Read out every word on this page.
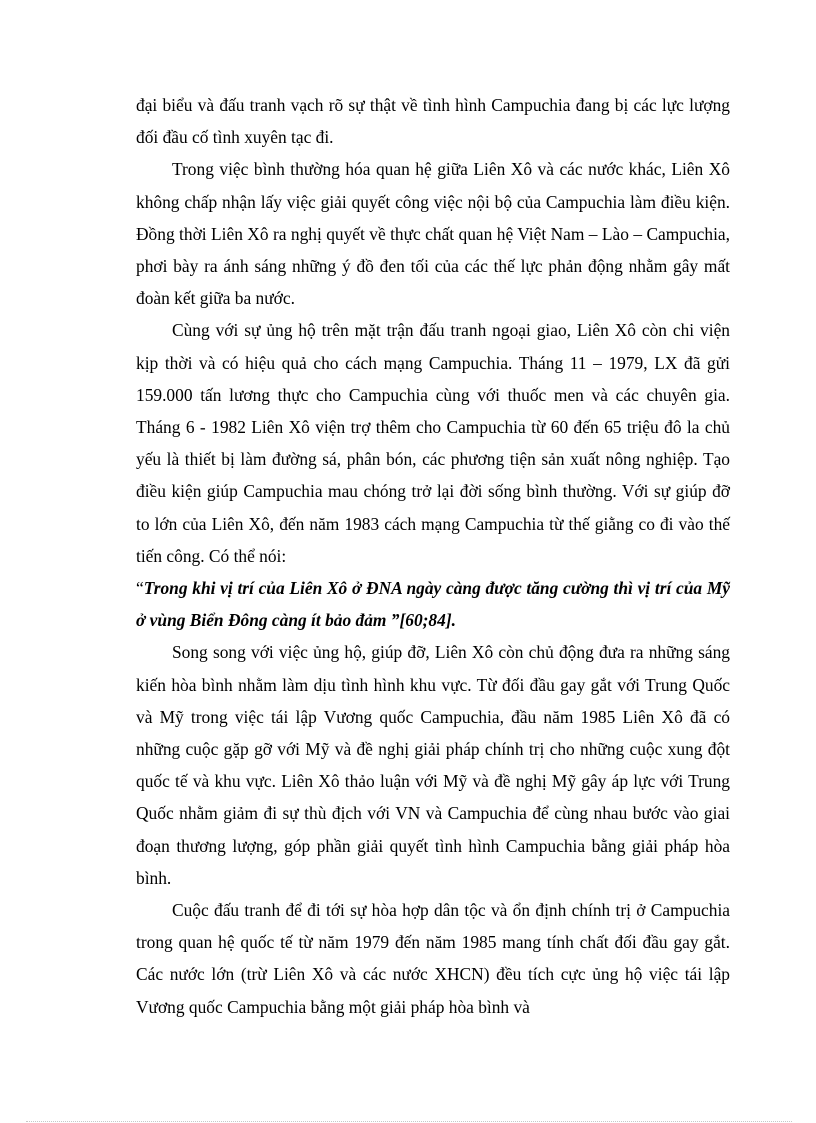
đại biểu và đấu tranh vạch rõ sự thật về tình hình Campuchia đang bị các lực lượng đối đầu cố tình xuyên tạc đi.

Trong việc bình thường hóa quan hệ giữa Liên Xô và các nước khác, Liên Xô không chấp nhận lấy việc giải quyết công việc nội bộ của Campuchia làm điều kiện. Đồng thời Liên Xô ra nghị quyết về thực chất quan hệ Việt Nam – Lào – Campuchia, phơi bày ra ánh sáng những ý đồ đen tối của các thế lực phản động nhằm gây mất đoàn kết giữa ba nước.

Cùng với sự ủng hộ trên mặt trận đấu tranh ngoại giao, Liên Xô còn chi viện kịp thời và có hiệu quả cho cách mạng Campuchia. Tháng 11 – 1979, LX đã gửi 159.000 tấn lương thực cho Campuchia cùng với thuốc men và các chuyên gia. Tháng 6 - 1982 Liên Xô viện trợ thêm cho Campuchia từ 60 đến 65 triệu đô la chủ yếu là thiết bị làm đường sá, phân bón, các phương tiện sản xuất nông nghiệp. Tạo điều kiện giúp Campuchia mau chóng trở lại đời sống bình thường. Với sự giúp đỡ to lớn của Liên Xô, đến năm 1983 cách mạng Campuchia từ thế giằng co đi vào thế tiến công. Có thể nói:

“Trong khi vị trí của Liên Xô ở ĐNA ngày càng được tăng cường thì vị trí của Mỹ ở vùng Biển Đông càng ít bảo đảm ”[60;84].

Song song với việc ủng hộ, giúp đỡ, Liên Xô còn chủ động đưa ra những sáng kiến hòa bình nhằm làm dịu tình hình khu vực. Từ đối đầu gay gắt với Trung Quốc và Mỹ trong việc tái lập Vương quốc Campuchia, đầu năm 1985 Liên Xô đã có những cuộc gặp gỡ với Mỹ và đề nghị giải pháp chính trị cho những cuộc xung đột quốc tế và khu vực. Liên Xô thảo luận với Mỹ và đề nghị Mỹ gây áp lực với Trung Quốc nhằm giảm đi sự thù địch với VN và Campuchia để cùng nhau bước vào giai đoạn thương lượng, góp phần giải quyết tình hình Campuchia bằng giải pháp hòa bình.

Cuộc đấu tranh để đi tới sự hòa hợp dân tộc và ổn định chính trị ở Campuchia trong quan hệ quốc tế từ năm 1979 đến năm 1985 mang tính chất đối đầu gay gắt. Các nước lớn (trừ Liên Xô và các nước XHCN) đều tích cực ủng hộ việc tái lập Vương quốc Campuchia bằng một giải pháp hòa bình và
